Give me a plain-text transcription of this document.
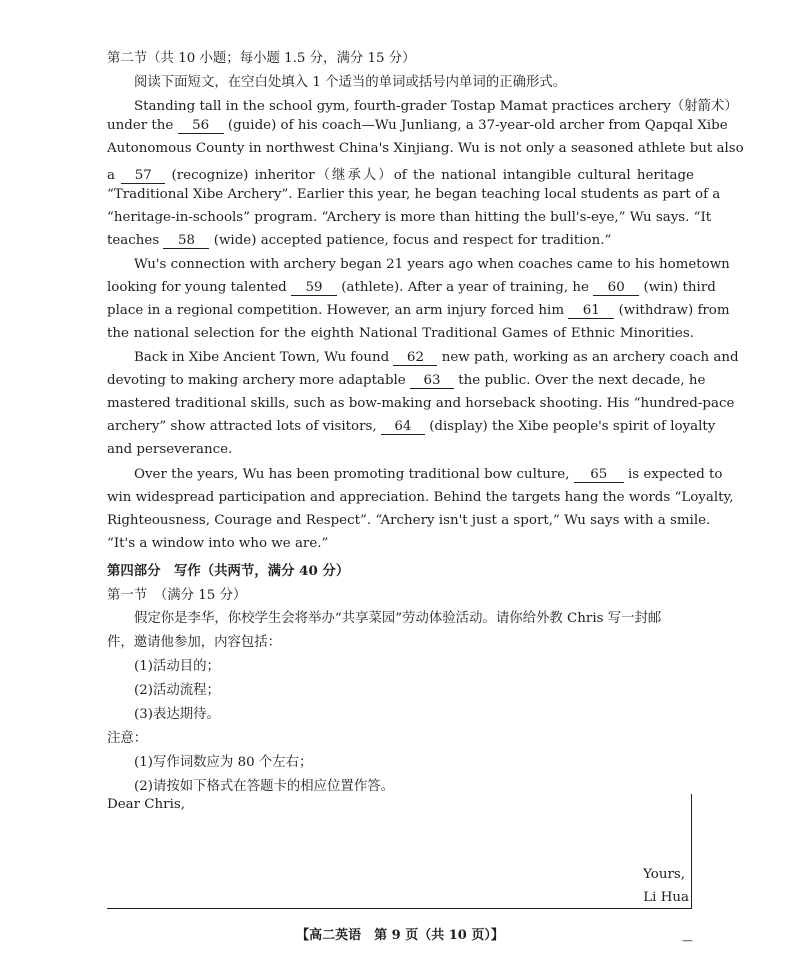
第二节（共 10 小题；每小题 1.5 分，满分 15 分）
阅读下面短文，在空白处填入 1 个适当的单词或括号内单词的正确形式。
Standing tall in the school gym, fourth-grader Tostap Mamat practices archery（射箭术）
under the 56 (guide) of his coach—Wu Junliang, a 37-year-old archer from Qapqal Xibe
Autonomous County in northwest China's Xinjiang. Wu is not only a seasoned athlete but also
a 57 (recognize) inheritor（继承人）of the national intangible cultural heritage
“Traditional Xibe Archery”. Earlier this year, he began teaching local students as part of a
“heritage-in-schools” program. “Archery is more than hitting the bull's-eye,” Wu says. “It
teaches 58 (wide) accepted patience, focus and respect for tradition.”
Wu's connection with archery began 21 years ago when coaches came to his hometown
looking for young talented 59 (athlete). After a year of training, he 60 (win) third
place in a regional competition. However, an arm injury forced him 61 (withdraw) from
the national selection for the eighth National Traditional Games of Ethnic Minorities.
Back in Xibe Ancient Town, Wu found 62 new path, working as an archery coach and
devoting to making archery more adaptable 63 the public. Over the next decade, he
mastered traditional skills, such as bow-making and horseback shooting. His “hundred-pace
archery” show attracted lots of visitors, 64 (display) the Xibe people's spirit of loyalty
and perseverance.
Over the years, Wu has been promoting traditional bow culture, 65 is expected to
win widespread participation and appreciation. Behind the targets hang the words “Loyalty,
Righteousness, Courage and Respect”. “Archery isn't just a sport,” Wu says with a smile.
“It's a window into who we are.”
第四部分　写作（共两节，满分 40 分）
第一节　（满分 15 分）
假定你是李华，你校学生会将举办“共享菜园”劳动体验活动。请你给外教 Chris 写一封邮
件，邀请他参加，内容包括：
(1)活动目的；
(2)活动流程；
(3)表达期待。
注意：
(1)写作词数应为 80 个左右；
(2)请按如下格式在答题卡的相应位置作答。
Dear Chris,
Yours,
Li Hua
【高二英语　第 9 页（共 10 页）】	—
